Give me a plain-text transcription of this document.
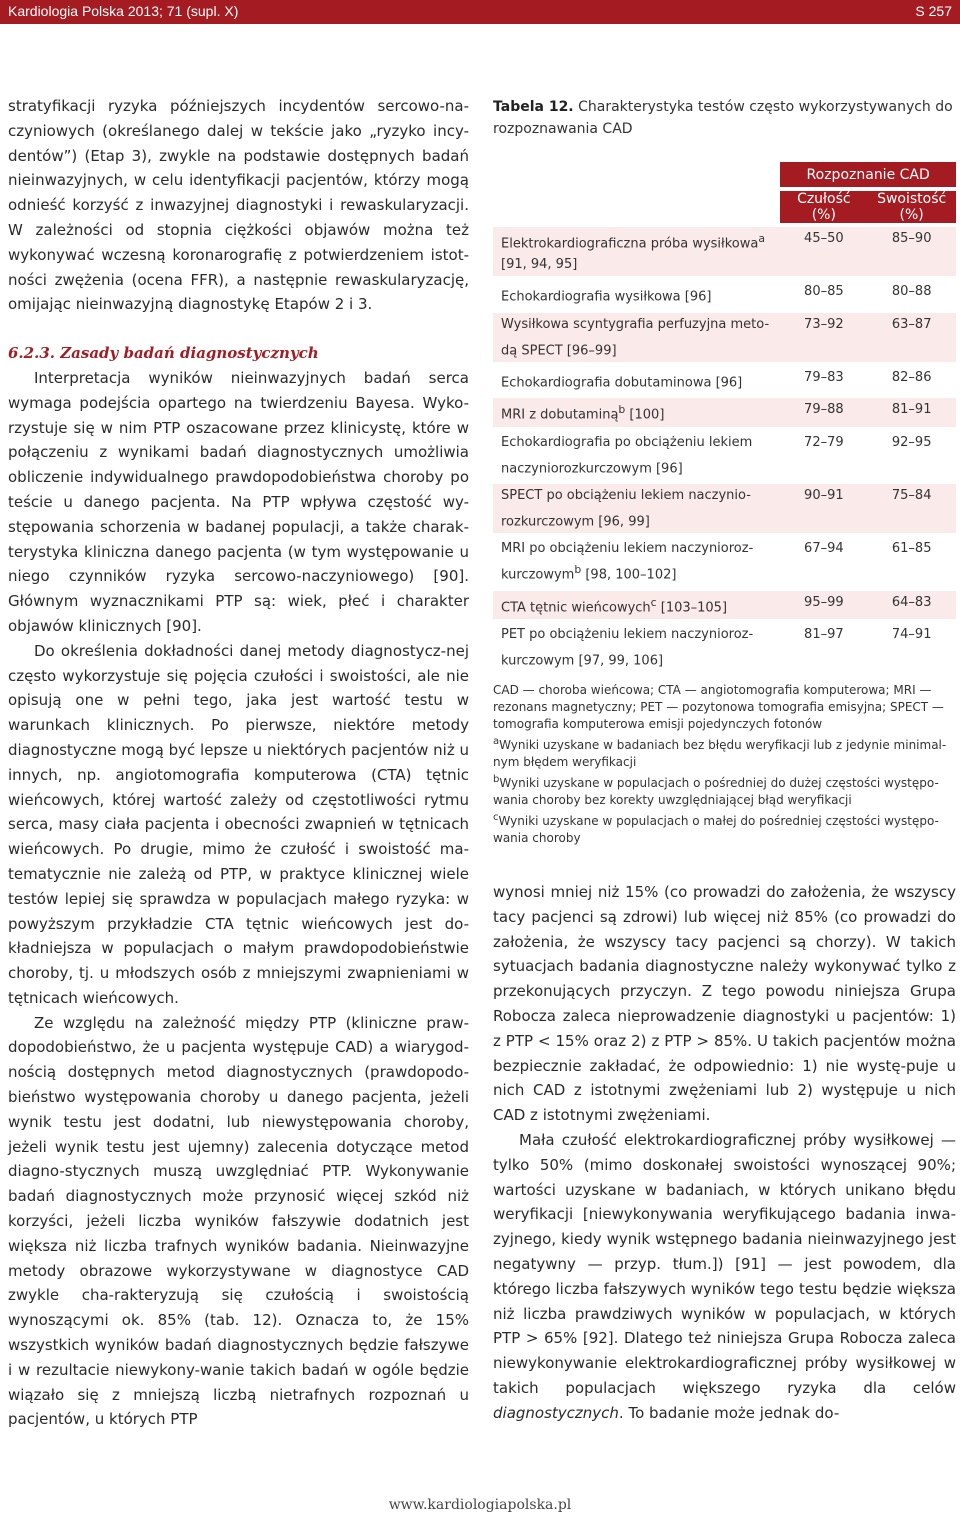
Kardiologia Polska 2013; 71 (supl. X)	S 257

stratyfikacji ryzyka późniejszych incydentów sercowo-na-czyniowych (określanego dalej w tekście jako „ryzyko incy-dentów”) (Etap 3), zwykle na podstawie dostępnych badań nieinwazyjnych, w celu identyfikacji pacjentów, którzy mogą odnieść korzyść z inwazyjnej diagnostyki i rewaskularyzacji. W zależności od stopnia ciężkości objawów można też wykonywać wczesną koronarografię z potwierdzeniem istot-ności zwężenia (ocena FFR), a następnie rewaskularyzację, omijając nieinwazyjną diagnostykę Etapów 2 i 3.

6.2.3. Zasady badań diagnostycznych

Interpretacja wyników nieinwazyjnych badań serca wymaga podejścia opartego na twierdzeniu Bayesa. Wyko-rzystuje się w nim PTP oszacowane przez klinicystę, które w połączeniu z wynikami badań diagnostycznych umożliwia obliczenie indywidualnego prawdopodobieństwa choroby po teście u danego pacjenta. Na PTP wpływa częstość wy-stępowania schorzenia w badanej populacji, a także charak-terystyka kliniczna danego pacjenta (w tym występowanie u niego czynników ryzyka sercowo-naczyniowego) [90]. Głównym wyznacznikami PTP są: wiek, płeć i charakter objawów klinicznych [90].

Do określenia dokładności danej metody diagnostycz-nej często wykorzystuje się pojęcia czułości i swoistości, ale nie opisują one w pełni tego, jaka jest wartość testu w warunkach klinicznych. Po pierwsze, niektóre metody diagnostyczne mogą być lepsze u niektórych pacjentów niż u innych, np. angiotomografia komputerowa (CTA) tętnic wieńcowych, której wartość zależy od częstotliwości rytmu serca, masy ciała pacjenta i obecności zwapnień w tętnicach wieńcowych. Po drugie, mimo że czułość i swoistość ma-tematycznie nie zależą od PTP, w praktyce klinicznej wiele testów lepiej się sprawdza w populacjach małego ryzyka: w powyższym przykładzie CTA tętnic wieńcowych jest do-kładniejsza w populacjach o małym prawdopodobieństwie choroby, tj. u młodszych osób z mniejszymi zwapnieniami w tętnicach wieńcowych.

Ze względu na zależność między PTP (kliniczne praw-dopodobieństwo, że u pacjenta występuje CAD) a wiarygod-nością dostępnych metod diagnostycznych (prawdopodo-bieństwo występowania choroby u danego pacjenta, jeżeli wynik testu jest dodatni, lub niewystępowania choroby, jeżeli wynik testu jest ujemny) zalecenia dotyczące metod diagno-stycznych muszą uwzględniać PTP. Wykonywanie badań diagnostycznych może przynosić więcej szkód niż korzyści, jeżeli liczba wyników fałszywie dodatnich jest większa niż liczba trafnych wyników badania. Nieinwazyjne metody obrazowe wykorzystywane w diagnostyce CAD zwykle cha-rakteryzują się czułością i swoistością wynoszącymi ok. 85% (tab. 12). Oznacza to, że 15% wszystkich wyników badań diagnostycznych będzie fałszywe i w rezultacie niewykony-wanie takich badań w ogóle będzie wiązało się z mniejszą liczbą nietrafnych rozpoznań u pacjentów, u których PTP

Tabela 12. Charakterystyka testów często wykorzystywanych do rozpoznawania CAD
	Rozpoznanie CAD	
	Czułość (%)	Swoistość (%)
Elektrokardiograficzna próba wysiłkowa$^a$ [91, 94, 95]	45–50	85–90
Echokardiografia wysiłkowa [96]	80–85	80–88
Wysiłkowa scyntygrafia perfuzyjna meto-dą SPECT [96–99]	73–92	63–87
Echokardiografia dobutaminowa [96]	79–83	82–86
MRI z dobutaminą$^b$ [100]	79–88	81–91
Echokardiografia po obciążeniu lekiem naczyniorozkurczowym [96]	72–79	92–95
SPECT po obciążeniu lekiem naczynio-rozkurczowym [96, 99]	90–91	75–84
MRI po obciążeniu lekiem naczynioroz-kurczowym$^b$ [98, 100–102]	67–94	61–85
CTA tętnic wieńcowych$^c$ [103–105]	95–99	64–83
PET po obciążeniu lekiem naczynioroz-kurczowym [97, 99, 106]	81–97	74–91

CAD — choroba wieńcowa; CTA — angiotomografia komputerowa; MRI — rezonans magnetyczny; PET — pozytonowa tomografia emisyjna; SPECT — tomografia komputerowa emisji pojedynczych fotonów

$^a$Wyniki uzyskane w badaniach bez błędu weryfikacji lub z jedynie minimal-nym błędem weryfikacji

$^b$Wyniki uzyskane w populacjach o pośredniej do dużej częstości występo-wania choroby bez korekty uwzględniającej błąd weryfikacji

$^c$Wyniki uzyskane w populacjach o małej do pośredniej częstości występo-wania choroby

wynosi mniej niż 15% (co prowadzi do założenia, że wszyscy tacy pacjenci są zdrowi) lub więcej niż 85% (co prowadzi do założenia, że wszyscy tacy pacjenci są chorzy). W takich sytuacjach badania diagnostyczne należy wykonywać tylko z przekonujących przyczyn. Z tego powodu niniejsza Grupa Robocza zaleca nieprowadzenie diagnostyki u pacjentów: 1) z PTP < 15% oraz 2) z PTP > 85%. U takich pacjentów można bezpiecznie zakładać, że odpowiednio: 1) nie wystę-puje u nich CAD z istotnymi zwężeniami lub 2) występuje u nich CAD z istotnymi zwężeniami.

Mała czułość elektrokardiograficznej próby wysiłkowej — tylko 50% (mimo doskonałej swoistości wynoszącej 90%; wartości uzyskane w badaniach, w których unikano błędu weryfikacji [niewykonywania weryfikującego badania inwa-zyjnego, kiedy wynik wstępnego badania nieinwazyjnego jest negatywny — przyp. tłum.]) [91] — jest powodem, dla którego liczba fałszywych wyników tego testu będzie większa niż liczba prawdziwych wyników w populacjach, w których PTP > 65% [92]. Dlatego też niniejsza Grupa Robocza zaleca niewykonywanie elektrokardiograficznej próby wysiłkowej w takich populacjach większego ryzyka dla celów diagnostycznych. To badanie może jednak do-

www.kardiologiapolska.pl
